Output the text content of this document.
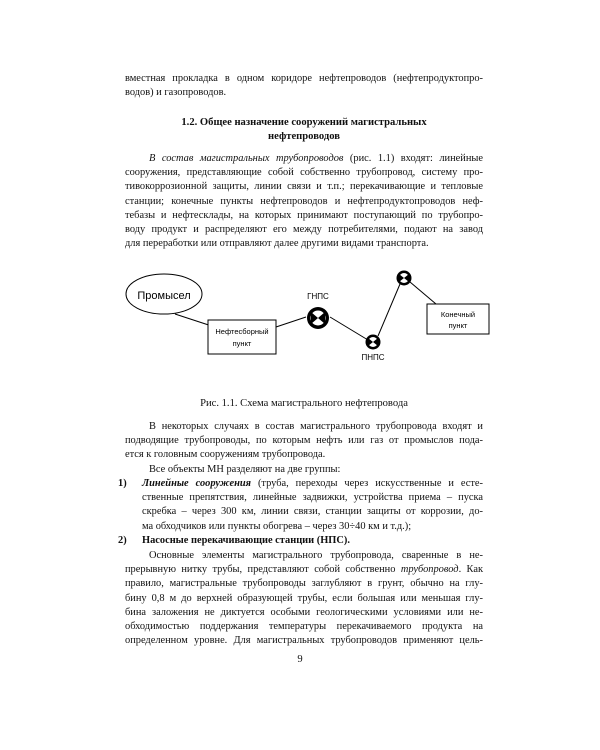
вместная прокладка в одном коридоре нефтепроводов (нефтепродуктопро-
водов) и газопроводов.
1.2. Общее назначение сооружений магистральных
нефтепроводов
В состав магистральных трубопроводов (рис. 1.1) входят: линейные
сооружения, представляющие собой собственно трубопровод, систему про-
тивокоррозионной защиты, линии связи и т.п.; перекачивающие и тепловые
станции; конечные пункты нефтепроводов и нефтепродуктопроводов неф-
тебазы и нефтесклады, на которых принимают поступающий по трубопро-
воду продукт и распределяют его между потребителями, подают на завод
для переработки или отправляют далее другими видами транспорта.
Промысел
Нефтесборный
пункт
ГНПС
ПНПС
Конечный
пункт
Рис. 1.1. Схема магистрального нефтепровода
В некоторых случаях в состав магистрального трубопровода входят и
подводящие трубопроводы, по которым нефть или газ от промыслов пода-
ется к головным сооружениям трубопровода.
Все объекты МН разделяют на две группы:
1) Линейные сооружения (труба, переходы через искусственные и есте-
ственные препятствия, линейные задвижки, устройства приема – пуска
скребка – через 300 км, линии связи, станции защиты от коррозии, до-
ма обходчиков или пункты обогрева – через 30÷40 км и т.д.);
2) Насосные перекачивающие станции (НПС).
Основные элементы магистрального трубопровода, сваренные в не-
прерывную нитку трубы, представляют собой собственно трубопровод. Как
правило, магистральные трубопроводы заглубляют в грунт, обычно на глу-
бину 0,8 м до верхней образующей трубы, если большая или меньшая глу-
бина заложения не диктуется особыми геологическими условиями или не-
обходимостью поддержания температуры перекачиваемого продукта на
определенном уровне. Для магистральных трубопроводов применяют цель-
9
